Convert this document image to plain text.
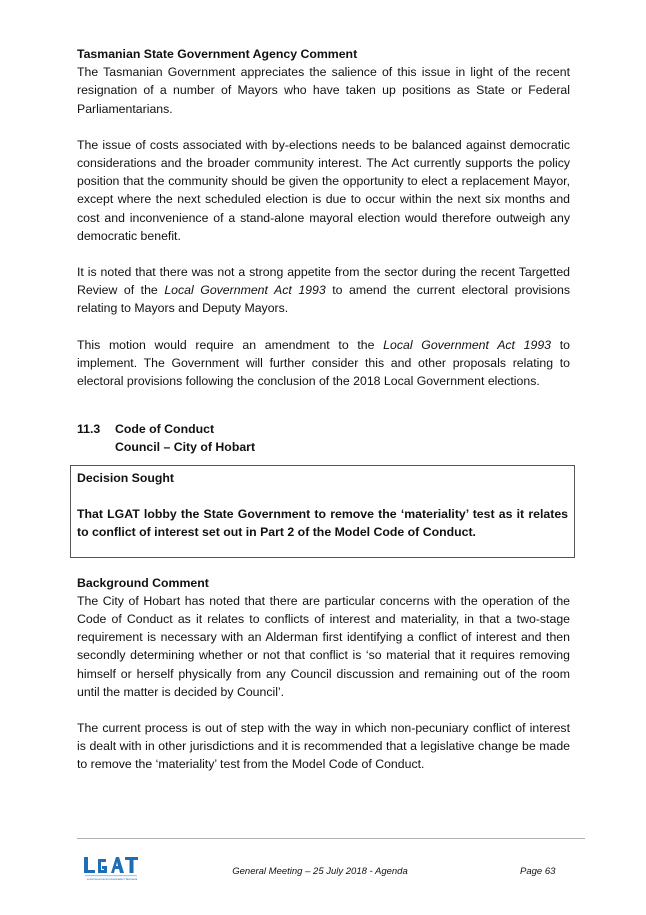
Tasmanian State Government Agency Comment

The Tasmanian Government appreciates the salience of this issue in light of the recent resignation of a number of Mayors who have taken up positions as State or Federal Parliamentarians.

The issue of costs associated with by-elections needs to be balanced against democratic considerations and the broader community interest. The Act currently supports the policy position that the community should be given the opportunity to elect a replacement Mayor, except where the next scheduled election is due to occur within the next six months and cost and inconvenience of a stand-alone mayoral election would therefore outweigh any democratic benefit.

It is noted that there was not a strong appetite from the sector during the recent Targetted Review of the Local Government Act 1993 to amend the current electoral provisions relating to Mayors and Deputy Mayors.

This motion would require an amendment to the Local Government Act 1993 to implement. The Government will further consider this and other proposals relating to electoral provisions following the conclusion of the 2018 Local Government elections.

11.3	Code of Conduct
Council – City of Hobart
Decision Sought
That LGAT lobby the State Government to remove the ‘materiality’ test as it relates to conflict of interest set out in Part 2 of the Model Code of Conduct.
Background Comment

The City of Hobart has noted that there are particular concerns with the operation of the Code of Conduct as it relates to conflicts of interest and materiality, in that a two-stage requirement is necessary with an Alderman first identifying a conflict of interest and then secondly determining whether or not that conflict is ‘so material that it requires removing himself or herself physically from any Council discussion and remaining out of the room until the matter is decided by Council’.

The current process is out of step with the way in which non-pecuniary conflict of interest is dealt with in other jurisdictions and it is recommended that a legislative change be made to remove the ‘materiality’ test from the Model Code of Conduct.

Local Government Association Tasmania
General Meeting – 25 July 2018 - Agenda	Page 63
